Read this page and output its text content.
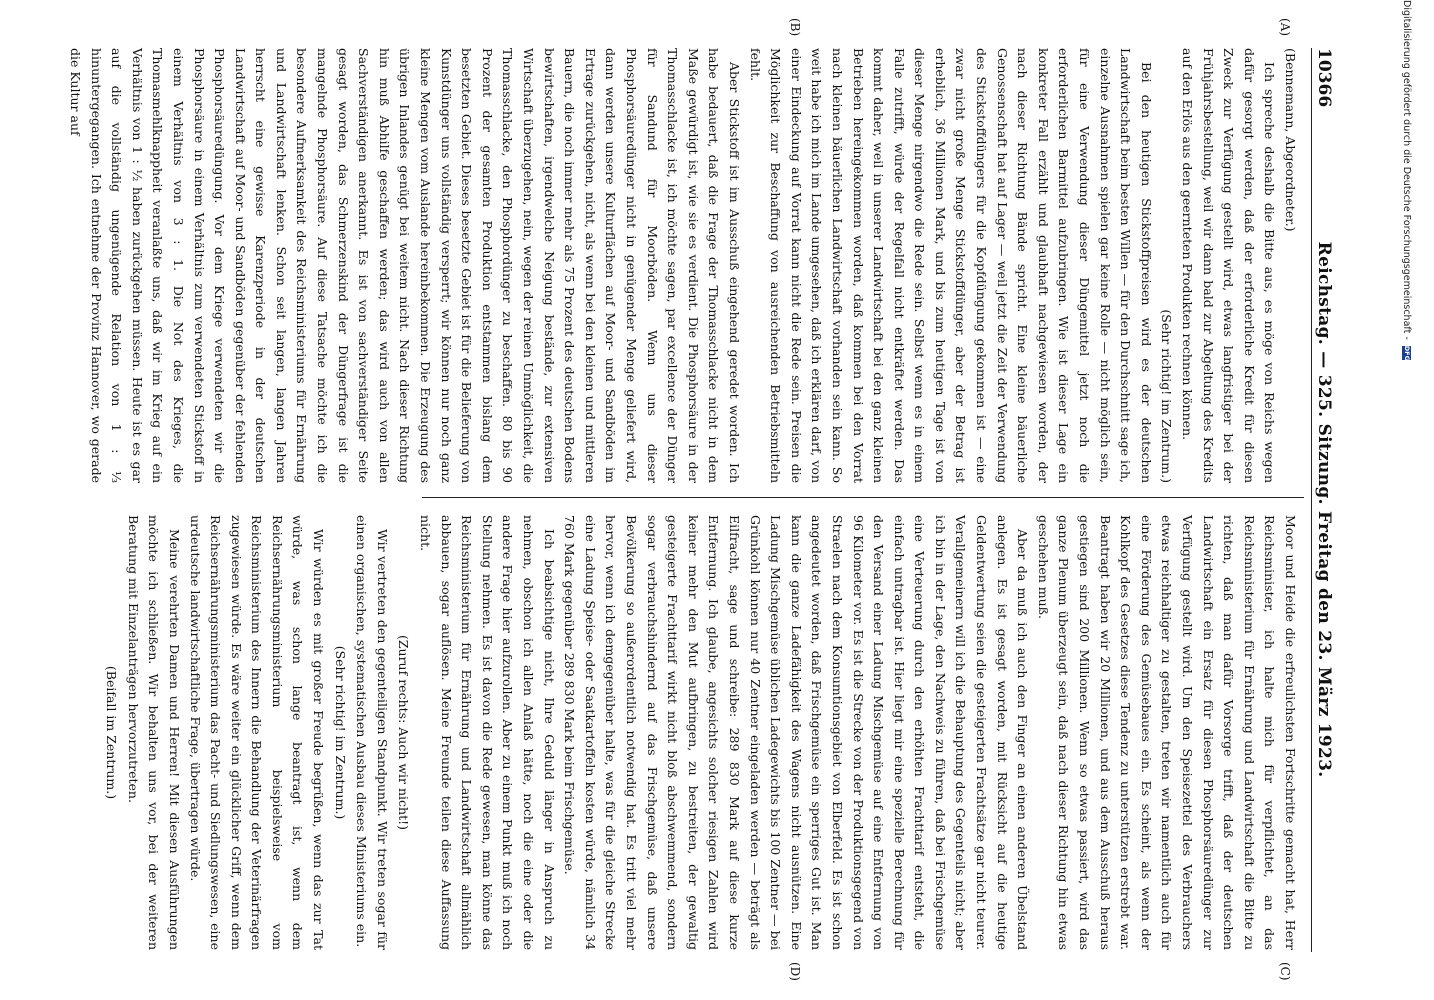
10366
Reichstag. — 325. Sitzung. Freitag den 23. März 1923.
(A)
(B)
(C)
(D)

(Bennemann, Abgeordneter.)

Ich spreche deshalb die Bitte aus, es möge von Reichs wegen dafür gesorgt werden, daß der erforderliche Kredit für diesen Zweck zur Verfügung gestellt wird, etwas langfristiger bei der Frühjahrsbestellung, weil wir dann bald zur Abgeltung des Kredits auf den Erlös aus den geernteten Produkten rechnen können.

(Sehr richtig! im Zentrum.)

Bei den heutigen Stickstoffpreisen wird es der deutschen Landwirtschaft beim besten Willen — für den Durchschnitt sage ich, einzelne Ausnahmen spielen gar keine Rolle — nicht möglich sein, für eine Verwendung dieser Düngemittel jetzt noch die erforderlichen Barmittel aufzubringen. Wie ist dieser Lage ein konkreter Fall erzählt und glaubhaft nachgewiesen worden, der nach dieser Richtung Bände spricht. Eine kleine bäuerliche Genossenschaft hat auf Lager — weil jetzt die Zeit der Verwendung des Stickstoffdüngers für die Kopfdüngung gekommen ist — eine zwar nicht große Menge Stickstoffdünger, aber der Betrag ist erheblich, 36 Millionen Mark, und bis zum heutigen Tage ist von dieser Menge nirgendwo die Rede sein. Selbst wenn es in einem Falle zutrifft, würde der Regelfall nicht entkräftet werden. Das kommt daher, weil in unserer Landwirtschaft bei den ganz kleinen Betrieben hereingekommen worden, daß kommen bei den Vorrat nach kleinen bäuerlichen Landwirtschaft vorhanden sein kann. So weit habe ich mich im Lande umgesehen, daß ich erklären darf, von einer Eindeckung auf Vorrat kann nicht die Rede sein. Preisen die Möglichkeit zur Beschaffung von ausreichenden Betriebsmitteln fehlt.

Aber Stickstoff ist im Ausschuß eingehend geredet worden. Ich habe bedauert, daß die Frage der Thomasschlacke nicht in dem Maße gewürdigt ist, wie sie es verdient. Die Phosphorsäure in der Thomasschlacke ist, ich möchte sagen, par excellence der Dünger für Sandund für Moorböden. Wenn uns dieser Phosphorsäuredünger nicht in genügender Menge geliefert wird, dann werden unsere Kulturflächen auf Moor- und Sandböden im Ertrage zurückgehen, nicht, als wenn bei den kleinen und mittleren Bauern, die noch immer mehr als 75 Prozent des deutschen Bodens bewirtschaften, irgendwelche Neigung bestände, zur extensiven Wirtschaft überzugehen, nein, wegen der reinen Unmöglichkeit, die Thomasschlacke, den Phosphordünger zu beschaffen. 80 bis 90 Prozent der gesamten Produktion entstammen bislang dem besetzten Gebiet. Dieses besetzte Gebiet ist für die Belieferung von Kunstdünger uns vollständig versperrt; wir können nur noch ganz kleine Mengen vom Auslande hereinbekommen. Die Erzeugung des übrigen Inlandes genügt bei weitem nicht. Nach dieser Richtung hin muß Abhilfe geschaffen werden; das wird auch von allen Sachverständigen anerkannt. Es ist von sachverständiger Seite gesagt worden, das Schmerzenskind der Düngerfrage ist die mangelnde Phosphorsäure. Auf diese Tatsache möchte ich die besondere Aufmerksamkeit des Reichsministeriums für Ernährung und Landwirtschaft lenken. Schon seit langen, langen Jahren herrscht eine gewisse Karenzperiode in der deutschen Landwirtschaft auf Moor- und Sandböden gegenüber der fehlenden Phosphorsäuredüngung. Vor dem Kriege verwendeten wir die Phosphorsäure in einem Verhältnis zum verwendeten Stickstoff in einem Verhältnis von 3 : 1. Die Not des Krieges, die Thomasmehlknappheit veranlaßte uns, daß wir im Krieg auf ein Verhältnis von 1 : ½ haben zurückgehen müssen. Heute ist es gar auf die vollständig ungenügende Relation von 1 : ⅓ hinuntergegangen. Ich entnehme der Provinz Hannover, wo gerade die Kultur auf

Moor und Heide die erfreulichsten Fortschritte gemacht hat, Herr Reichsminister, ich halte mich für verpflichtet, an das Reichsministerium für Ernährung und Landwirtschaft die Bitte zu richten, daß man dafür Vorsorge trifft, daß der deutschen Landwirtschaft ein Ersatz für diesen Phosphorsäuredünger zur Verfügung gestellt wird. Um den Speisezettel des Verbrauchers etwas reichhaltiger zu gestalten, treten wir namentlich auch für eine Förderung des Gemüsebaues ein. Es scheint, als wenn der Kohlkopf des Gesetzes diese Tendenz zu unterstützen erstrebt war. Beantragt haben wir 20 Millionen, und aus dem Ausschuß heraus gestiegen sind 200 Millionen. Wenn so etwas passiert, wird das ganze Plenum überzeugt sein, daß nach dieser Richtung hin etwas geschehen muß.

Aber da muß ich auch den Finger an einen anderen Übelstand anlegen. Es ist gesagt worden, mit Rücksicht auf die heutige Geldentwertung seien die gesteigerten Frachtsätze gar nicht teurer. Verallgemeinern will ich die Behauptung des Gegenteils nicht; aber ich bin in der Lage, den Nachweis zu führen, daß bei Frischgemüse eine Verteuerung durch den erhöhten Frachttarif entsteht, die einfach untragbar ist. Hier liegt mir eine spezielle Berechnung für den Versand einer Ladung Mischgemüse auf eine Entfernung von 96 Kilometer vor. Es ist die Strecke von der Produktionsgegend von Straelen nach dem Konsumtionsgebiet von Elberfeld. Es ist schon angedeutet worden, daß Frischgemüse ein sperriges Gut ist. Man kann die ganze Ladefähigkeit des Wagens nicht ausnützen. Eine Ladung Mischgemüse üblichen Ladegewichts bis 100 Zentner — bei Grünkohl können nur 40 Zentner eingeladen werden — beträgt als Eilfracht, sage und schreibe: 289 830 Mark auf diese kurze Entfernung. Ich glaube, angesichts solcher riesigen Zahlen wird keiner mehr den Mut aufbringen, zu bestreiten, der gewaltig gesteigerte Frachttarif wirkt nicht bloß abschwemmend, sondern sogar verbrauchshindernd auf das Frischgemüse, daß unsere Bevölkerung so außerordentlich notwendig hat. Es tritt viel mehr hervor, wenn ich demgegenüber halte, was für die gleiche Strecke eine Ladung Speise- oder Saatkartoffeln kosten würde, nämlich 34 760 Mark gegenüber 289 830 Mark beim Frischgemüse.

Ich beabsichtige nicht, Ihre Geduld länger in Anspruch zu nehmen, obschon ich allen Anlaß hätte, noch die eine oder die andere Frage hier aufzurollen. Aber zu einem Punkt muß ich noch Stellung nehmen. Es ist davon die Rede gewesen, man könne das Reichsministerium für Ernährung und Landwirtschaft allmählich abbauen, sogar auflösen. Meine Freunde teilen diese Auffassung nicht.

(Zuruf rechts: Auch wir nicht!)

Wir vertreten den gegenteiligen Standpunkt. Wir treten sogar für einen organischen, systematischen Ausbau dieses Ministeriums ein.

(Sehr richtig! im Zentrum.)

Wir würden es mit großer Freude begrüßen, wenn das zur Tat würde, was schon lange beantragt ist, wenn dem Reichsernährungsministerium beispielsweise vom Reichsministerium des Innern die Behandlung der Veterinärfragen zugewiesen würde. Es wäre weiter ein glücklicher Griff, wenn dem Reichsernährungsministerium das Pacht- und Siedlungswesen, eine urdeutsche landwirtschaftliche Frage, übertragen würde.

Meine verehrten Damen und Herren! Mit diesen Ausführungen möchte ich schließen. Wir behalten uns vor, bei der weiteren Beratung mit Einzelanträgen hervorzutreten.

(Beifall im Zentrum.)

Digitalisierung gefördert durch die Deutsche Forschungsgemeinschaft -
DFG
